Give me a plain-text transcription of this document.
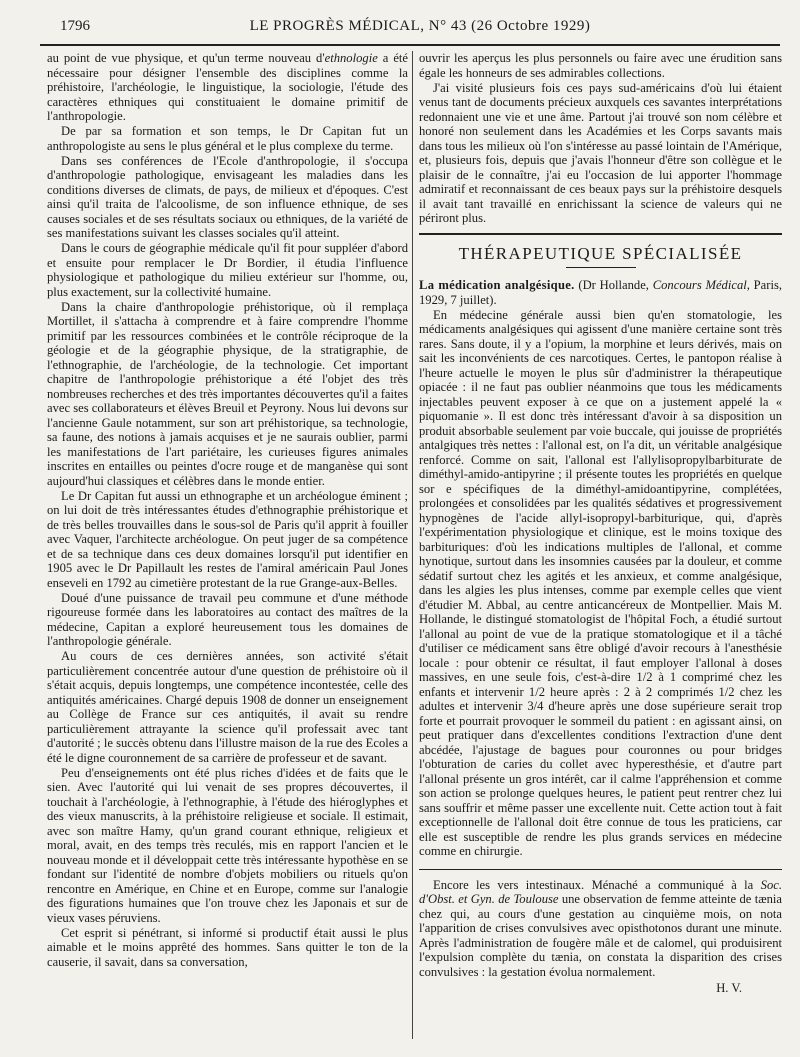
1796	LE PROGRÈS MÉDICAL, N° 43 (26 Octobre 1929)

au point de vue physique, et qu'un terme nouveau d'ethnologie a été nécessaire pour désigner l'ensemble des disciplines comme la préhistoire, l'archéologie, le linguistique, la sociologie, l'étude des caractères ethniques qui constituaient le domaine primitif de l'anthropologie.

De par sa formation et son temps, le Dr Capitan fut un anthropologiste au sens le plus général et le plus complexe du terme.

Dans ses conférences de l'Ecole d'anthropologie, il s'occupa d'anthropologie pathologique, envisageant les maladies dans les conditions diverses de climats, de pays, de milieux et d'époques. C'est ainsi qu'il traita de l'alcoolisme, de son influence ethnique, de ses causes sociales et de ses résultats sociaux ou ethniques, de la variété de ses manifestations suivant les classes sociales qu'il atteint.

Dans le cours de géographie médicale qu'il fit pour suppléer d'abord et ensuite pour remplacer le Dr Bordier, il étudia l'influence physiologique et pathologique du milieu extérieur sur l'homme, ou, plus exactement, sur la collectivité humaine.

Dans la chaire d'anthropologie préhistorique, où il remplaça Mortillet, il s'attacha à comprendre et à faire comprendre l'homme primitif par les ressources combinées et le contrôle réciproque de la géologie et de la géographie physique, de la stratigraphie, de l'ethnographie, de l'archéologie, de la technologie. Cet important chapitre de l'anthropologie préhistorique a été l'objet des très nombreuses recherches et des très importantes découvertes qu'il a faites avec ses collaborateurs et élèves Breuil et Peyrony. Nous lui devons sur l'ancienne Gaule notamment, sur son art préhistorique, sa technologie, sa faune, des notions à jamais acquises et je ne saurais oublier, parmi les manifestations de l'art pariétaire, les curieuses figures animales inscrites en entailles ou peintes d'ocre rouge et de manganèse qui sont aujourd'hui classiques et célèbres dans le monde entier.

Le Dr Capitan fut aussi un ethnographe et un archéologue éminent ; on lui doit de très intéressantes études d'ethnographie préhistorique et de très belles trouvailles dans le sous-sol de Paris qu'il apprit à fouiller avec Vaquer, l'architecte archéologue. On peut juger de sa compétence et de sa technique dans ces deux domaines lorsqu'il put identifier en 1905 avec le Dr Papillault les restes de l'amiral américain Paul Jones enseveli en 1792 au cimetière protestant de la rue Grange-aux-Belles.

Doué d'une puissance de travail peu commune et d'une méthode rigoureuse formée dans les laboratoires au contact des maîtres de la médecine, Capitan a exploré heureusement tous les domaines de l'anthropologie générale.

Au cours de ces dernières années, son activité s'était particulièrement concentrée autour d'une question de préhistoire où il s'était acquis, depuis longtemps, une compétence incontestée, celle des antiquités américaines. Chargé depuis 1908 de donner un enseignement au Collège de France sur ces antiquités, il avait su rendre particulièrement attrayante la science qu'il professait avec tant d'autorité ; le succès obtenu dans l'illustre maison de la rue des Ecoles a été le digne couronnement de sa carrière de professeur et de savant.

Peu d'enseignements ont été plus riches d'idées et de faits que le sien. Avec l'autorité qui lui venait de ses propres découvertes, il touchait à l'archéologie, à l'ethnographie, à l'étude des hiéroglyphes et des vieux manuscrits, à la préhistoire religieuse et sociale. Il estimait, avec son maître Hamy, qu'un grand courant ethnique, religieux et moral, avait, en des temps très reculés, mis en rapport l'ancien et le nouveau monde et il développait cette très intéressante hypothèse en se fondant sur l'identité de nombre d'objets mobiliers ou rituels qu'on rencontre en Amérique, en Chine et en Europe, comme sur l'analogie des figurations humaines que l'on trouve chez les Japonais et sur de vieux vases péruviens.

Cet esprit si pénétrant, si informé si productif était aussi le plus aimable et le moins apprêté des hommes. Sans quitter le ton de la causerie, il savait, dans sa conversation,

ouvrir les aperçus les plus personnels ou faire avec une érudition sans égale les honneurs de ses admirables collections.

J'ai visité plusieurs fois ces pays sud-américains d'où lui étaient venus tant de documents précieux auxquels ces savantes interprétations redonnaient une vie et une âme. Partout j'ai trouvé son nom célèbre et honoré non seulement dans les Académies et les Corps savants mais dans tous les milieux où l'on s'intéresse au passé lointain de l'Amérique, et, plusieurs fois, depuis que j'avais l'honneur d'être son collègue et le plaisir de le connaître, j'ai eu l'occasion de lui apporter l'hommage admiratif et reconnaissant de ces beaux pays sur la préhistoire desquels il avait tant travaillé en enrichissant la science de valeurs qui ne périront plus.

THÉRAPEUTIQUE SPÉCIALISÉE

La médication analgésique. (Dr Hollande, Concours Médical, Paris, 1929, 7 juillet).

En médecine générale aussi bien qu'en stomatologie, les médicaments analgésiques qui agissent d'une manière certaine sont très rares. Sans doute, il y a l'opium, la morphine et leurs dérivés, mais on sait les inconvénients de ces narcotiques. Certes, le pantopon réalise à l'heure actuelle le moyen le plus sûr d'administrer la thérapeutique opiacée : il ne faut pas oublier néanmoins que tous les médicaments injectables peuvent exposer à ce que on a justement appelé la « piquomanie ». Il est donc très intéressant d'avoir à sa disposition un produit absorbable seulement par voie buccale, qui jouisse de propriétés antalgiques très nettes : l'allonal est, on l'a dit, un véritable analgésique renforcé. Comme on sait, l'allonal est l'allylisopropylbarbiturate de diméthyl-amido-antipyrine ; il présente toutes les propriétés en quelque sor e spécifiques de la diméthyl-amidoantipyrine, complétées, prolongées et consolidées par les qualités sédatives et progressivement hypnogènes de l'acide allyl-isopropyl-barbiturique, qui, d'après l'expérimentation physiologique et clinique, est le moins toxique des barbituriques: d'où les indications multiples de l'allonal, et comme hynotique, surtout dans les insomnies causées par la douleur, et comme sédatif surtout chez les agités et les anxieux, et comme analgésique, dans les algies les plus intenses, comme par exemple celles que vient d'étudier M. Abbal, au centre anticancéreux de Montpellier. Mais M. Hollande, le distingué stomatologist de l'hôpital Foch, a étudié surtout l'allonal au point de vue de la pratique stomatologique et il a tâché d'utiliser ce médicament sans être obligé d'avoir recours à l'anesthésie locale : pour obtenir ce résultat, il faut employer l'allonal à doses massives, en une seule fois, c'est-à-dire 1/2 à 1 comprimé chez les enfants et intervenir 1/2 heure après : 2 à 2 comprimés 1/2 chez les adultes et intervenir 3/4 d'heure après une dose supérieure serait trop forte et pourrait provoquer le sommeil du patient : en agissant ainsi, on peut pratiquer dans d'excellentes conditions l'extraction d'une dent abcédée, l'ajustage de bagues pour couronnes ou pour bridges l'obturation de caries du collet avec hyperesthésie, et d'autre part l'allonal présente un gros intérêt, car il calme l'appréhension et comme son action se prolonge quelques heures, le patient peut rentrer chez lui sans souffrir et même passer une excellente nuit. Cette action tout à fait exceptionnelle de l'allonal doit être connue de tous les praticiens, car elle est susceptible de rendre les plus grands services en médecine comme en chirurgie.

Encore les vers intestinaux. Ménaché a communiqué à la Soc. d'Obst. et Gyn. de Toulouse une observation de femme atteinte de tænia chez qui, au cours d'une gestation au cinquième mois, on nota l'apparition de crises convulsives avec opisthotonos durant une minute. Après l'administration de fougère mâle et de calomel, qui produisirent l'expulsion complète du tænia, on constata la disparition des crises convulsives : la gestation évolua normalement.

H. V.
